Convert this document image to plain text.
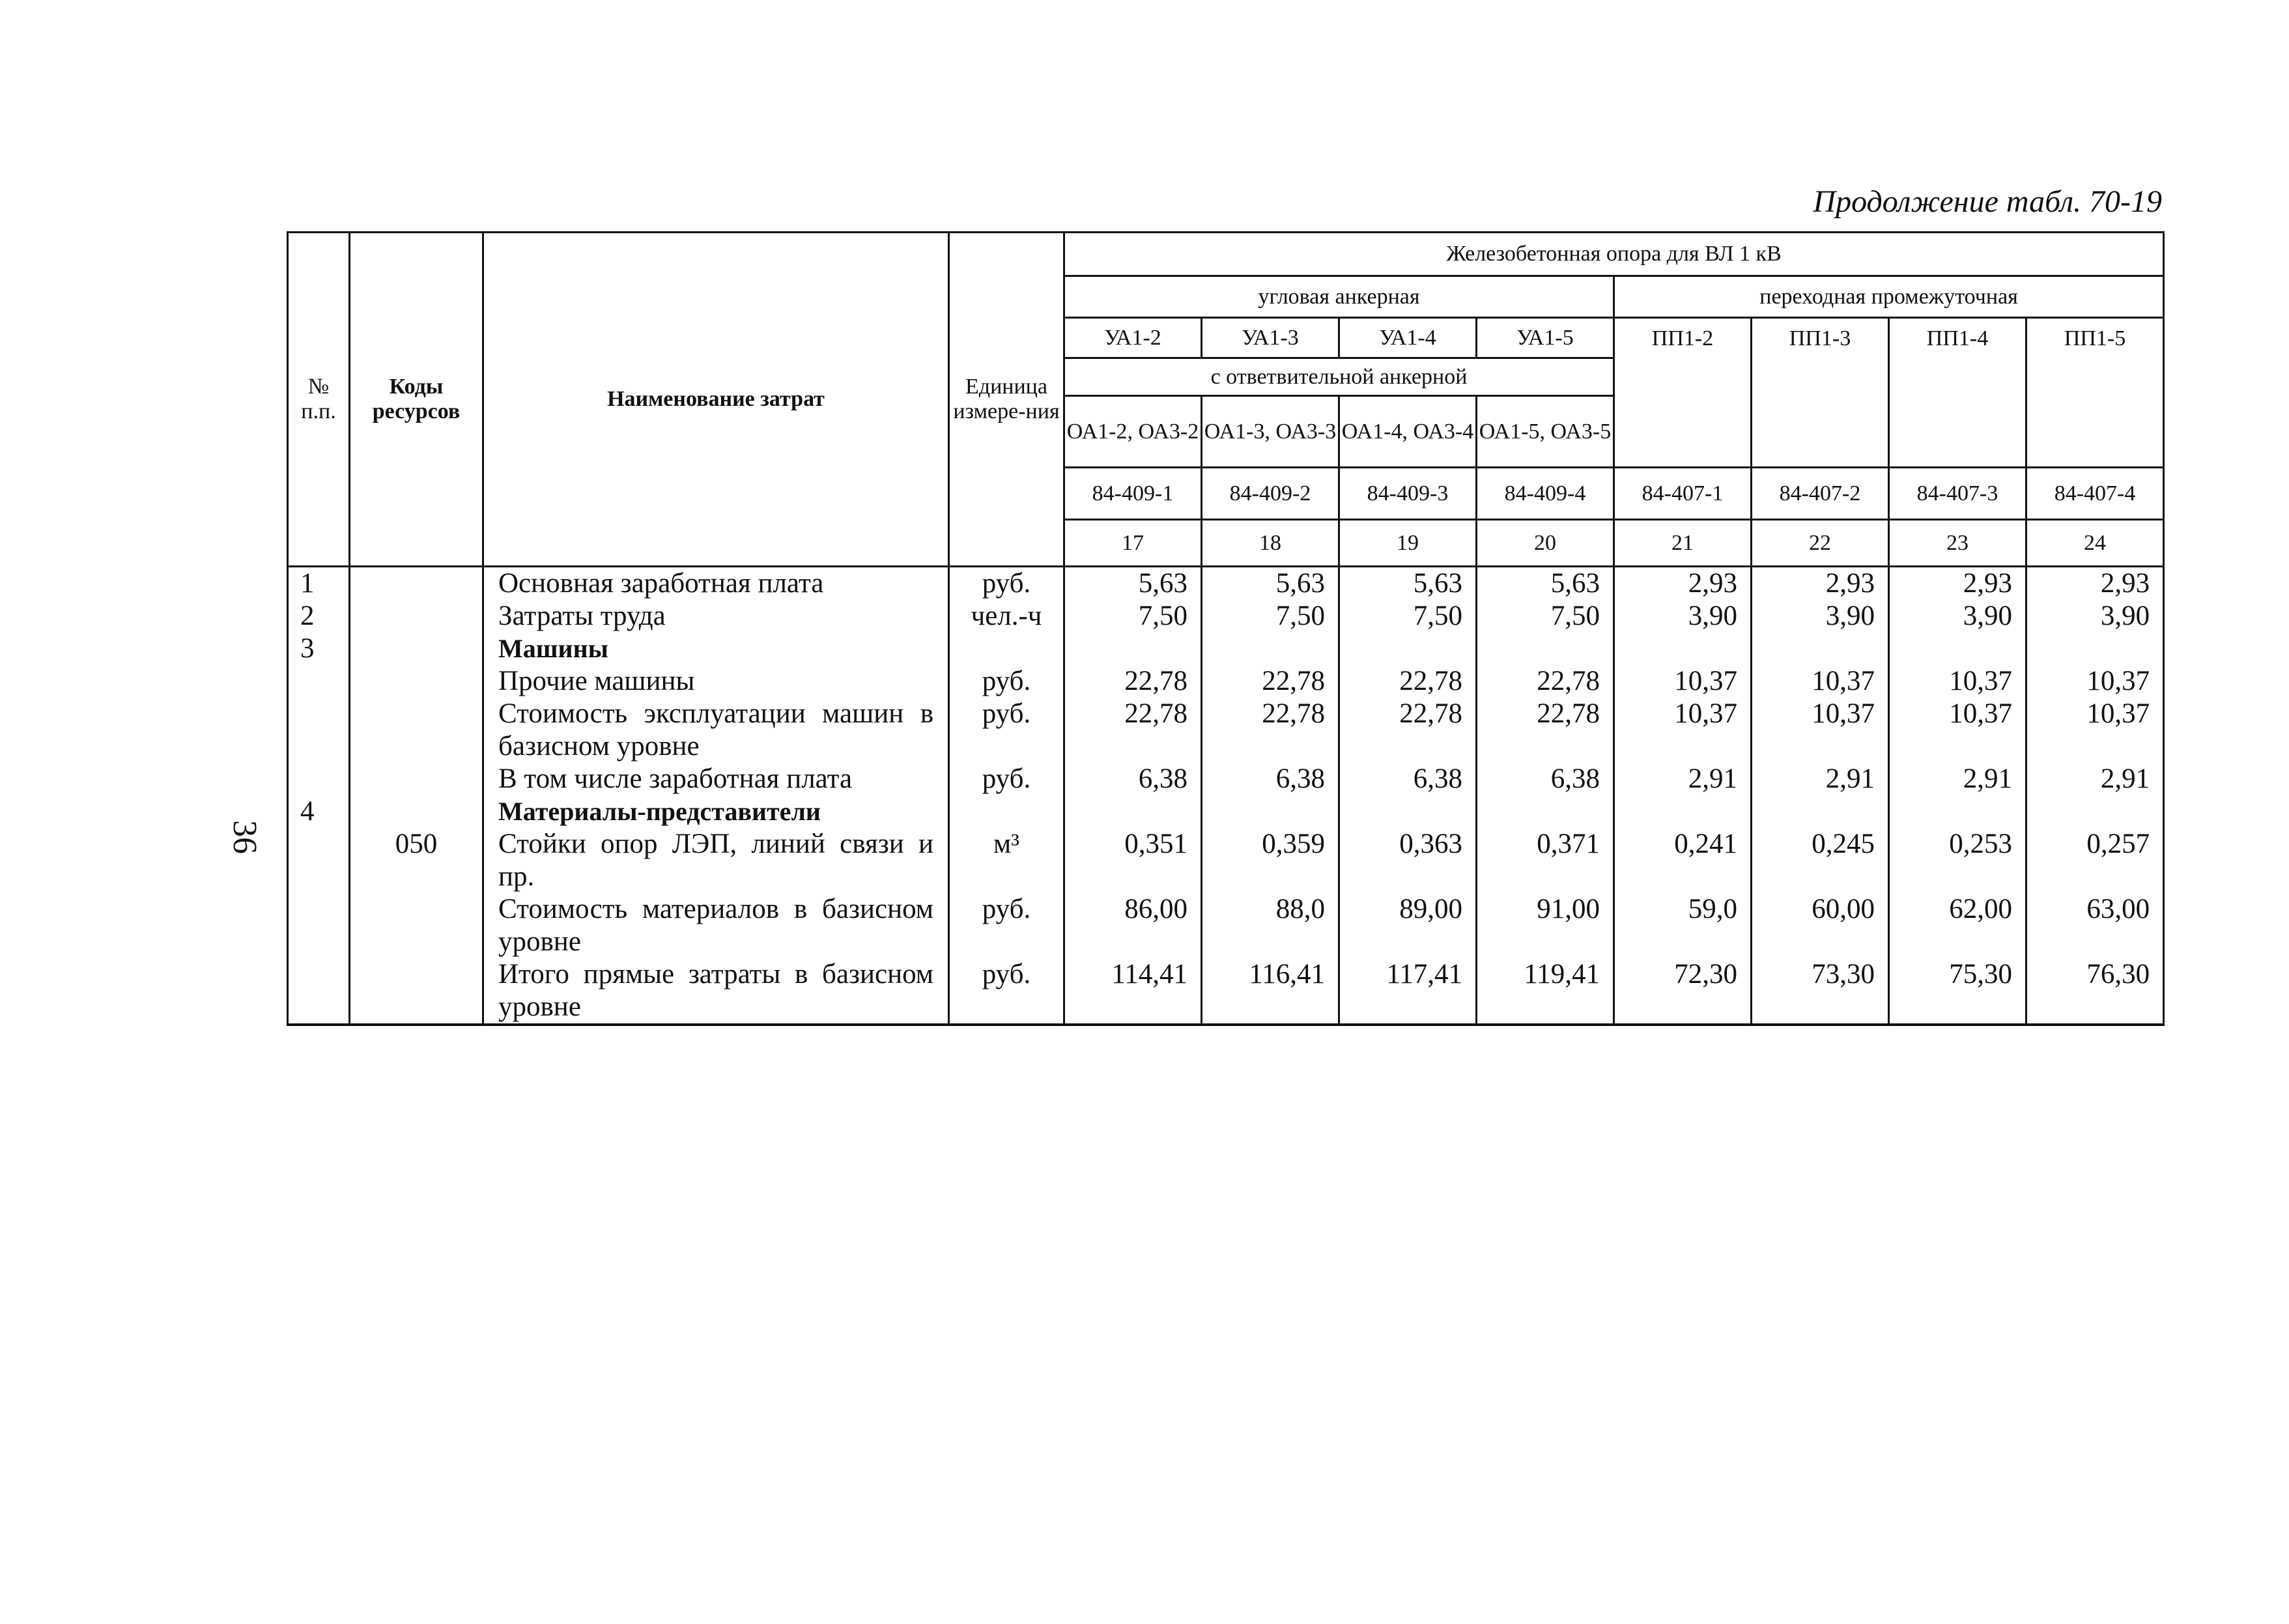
36
Продолжение табл. 70-19
№ п.п.	Коды ресурсов	Наименование затрат	Единица измере-ния	Железобетонная опора для ВЛ 1 кВ							
				угловая анкерная				переходная промежуточная			
				УА1-2	УА1-3	УА1-4	УА1-5	ПП1-2	ПП1-3	ПП1-4	ПП1-5
				с ответвительной анкерной							
				ОА1-2, ОА3-2	ОА1-3, ОА3-3	ОА1-4, ОА3-4	ОА1-5, ОА3-5				
				84-409-1	84-409-2	84-409-3	84-409-4	84-407-1	84-407-2	84-407-3	84-407-4
				17	18	19	20	21	22	23	24
1		Основная заработная плата	руб.	5,63	5,63	5,63	5,63	2,93	2,93	2,93	2,93
2		Затраты труда	чел.-ч	7,50	7,50	7,50	7,50	3,90	3,90	3,90	3,90
3		Машины									
		Прочие машины	руб.	22,78	22,78	22,78	22,78	10,37	10,37	10,37	10,37
		Стоимость эксплуатации машин в базисном уровне	руб.	22,78	22,78	22,78	22,78	10,37	10,37	10,37	10,37
		В том числе заработная плата	руб.	6,38	6,38	6,38	6,38	2,91	2,91	2,91	2,91
4		Материалы-представители									
	050	Стойки опор ЛЭП, линий связи и пр.	м³	0,351	0,359	0,363	0,371	0,241	0,245	0,253	0,257
		Стоимость материалов в базисном уровне	руб.	86,00	88,0	89,00	91,00	59,0	60,00	62,00	63,00
		Итого прямые затраты в базисном уровне	руб.	114,41	116,41	117,41	119,41	72,30	73,30	75,30	76,30
